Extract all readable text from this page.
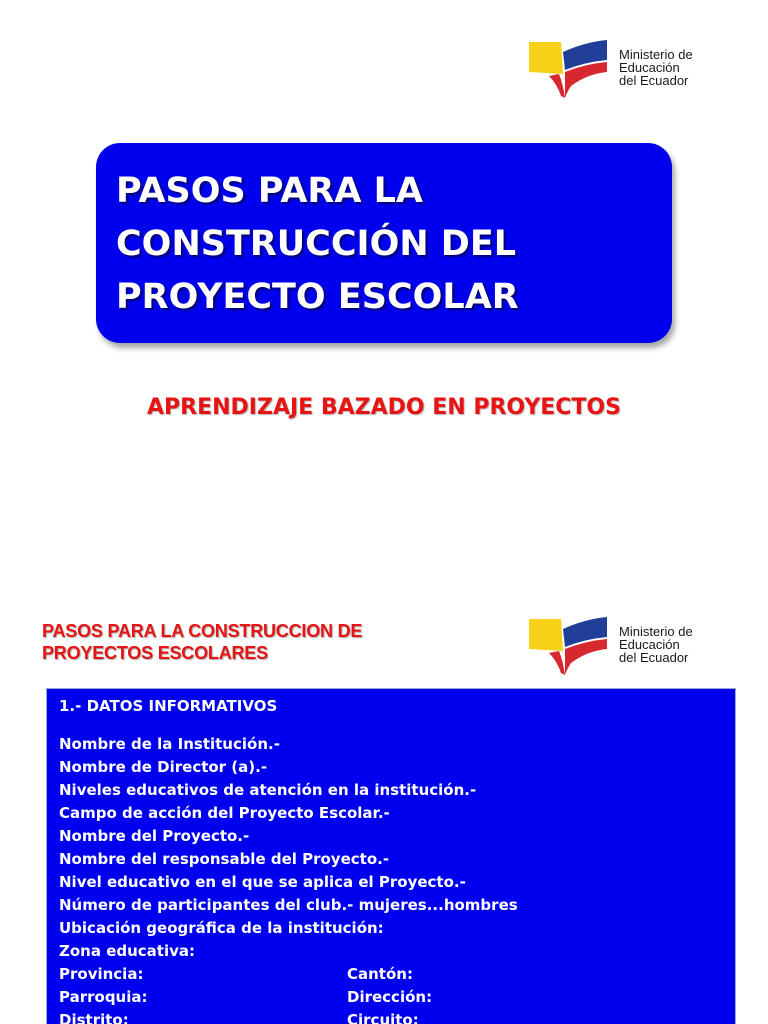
Ministerio de
Educación
del Ecuador
PASOS PARA LA
CONSTRUCCIÓN DEL
PROYECTO ESCOLAR
APRENDIZAJE BAZADO EN PROYECTOS
PASOS PARA LA CONSTRUCCION DE
PROYECTOS ESCOLARES
Ministerio de
Educación
del Ecuador
1.- DATOS INFORMATIVOS
Nombre de la Institución.-
Nombre de Director (a).-
Niveles educativos de atención en la institución.-
Campo de acción del Proyecto Escolar.-
Nombre del Proyecto.-
Nombre del responsable del Proyecto.-
Nivel educativo en el que se aplica el Proyecto.-
Número de participantes del club.- mujeres...hombres
Ubicación geográfica de la institución:
Zona educativa:
Provincia:	Cantón:
Parroquia:	Dirección:
Distrito:	Circuito:
